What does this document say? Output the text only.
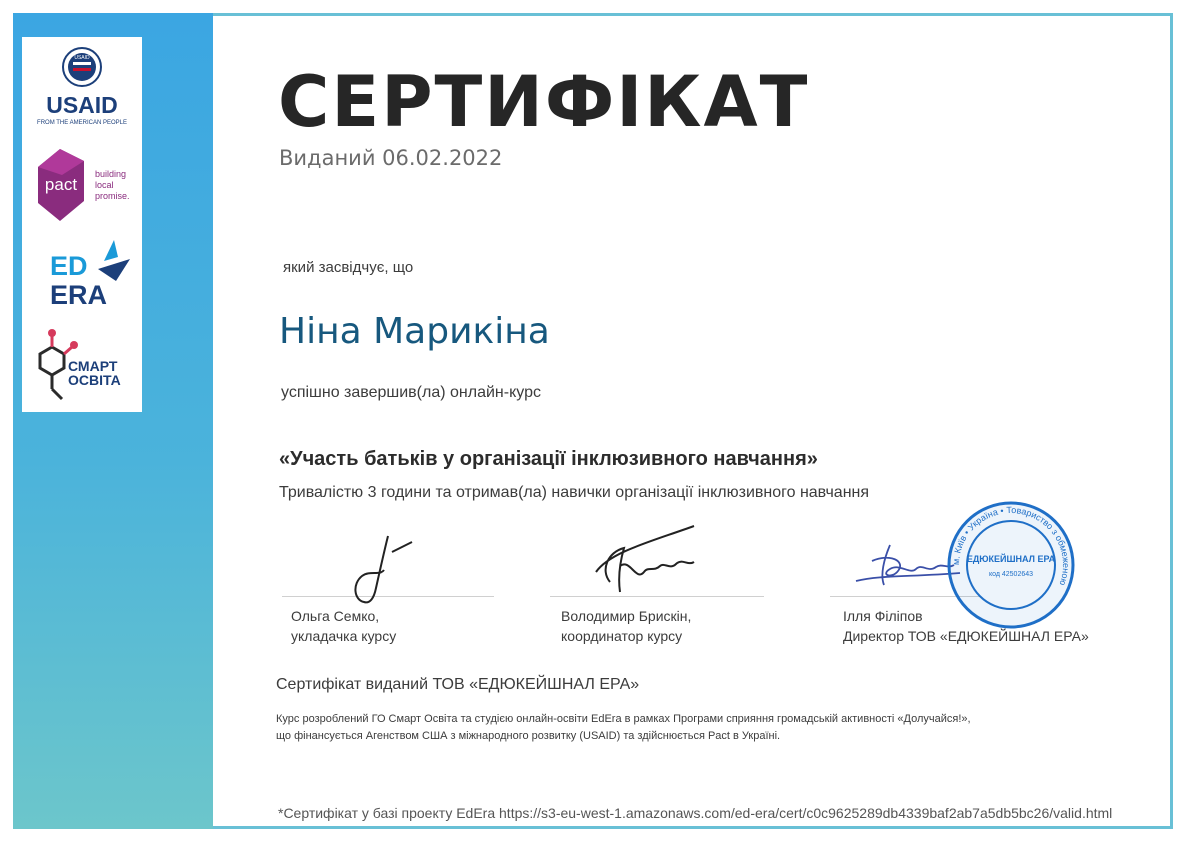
USAID
USAID
FROM THE AMERICAN PEOPLE
pact
building
local
promise.
ED
ERA
СМАРТ
ОСВІТА
СЕРТИФІКАТ
Виданий 06.02.2022
який засвідчує, що
Ніна Марикіна
успішно завершив(ла) онлайн-курс
«Участь батьків у організації інклюзивного навчання»
Тривалістю 3 години та отримав(ла) навички організації інклюзивного навчання
Ольга Семко,
укладачка курсу
Володимир Брискін,
координатор курсу
Ілля Філіпов
Директор ТОВ «ЕДЮКЕЙШНАЛ ЕРА»
м. Київ • Україна • Товариство з обмеженою
ЕДЮКЕЙШНАЛ ЕРА
код 42502643
Сертифікат виданий ТОВ «ЕДЮКЕЙШНАЛ ЕРА»
Курс розроблений ГО Смарт Освіта та студією онлайн-освіти EdEra в рамках Програми сприяння громадській активності «Долучайся!»,
що фінансується Агенством США з міжнародного розвитку (USAID) та здійснюється Pact в Україні.
*Сертифікат у базі проекту EdEra https://s3-eu-west-1.amazonaws.com/ed-era/cert/c0c9625289db4339baf2ab7a5db5bc26/valid.html
